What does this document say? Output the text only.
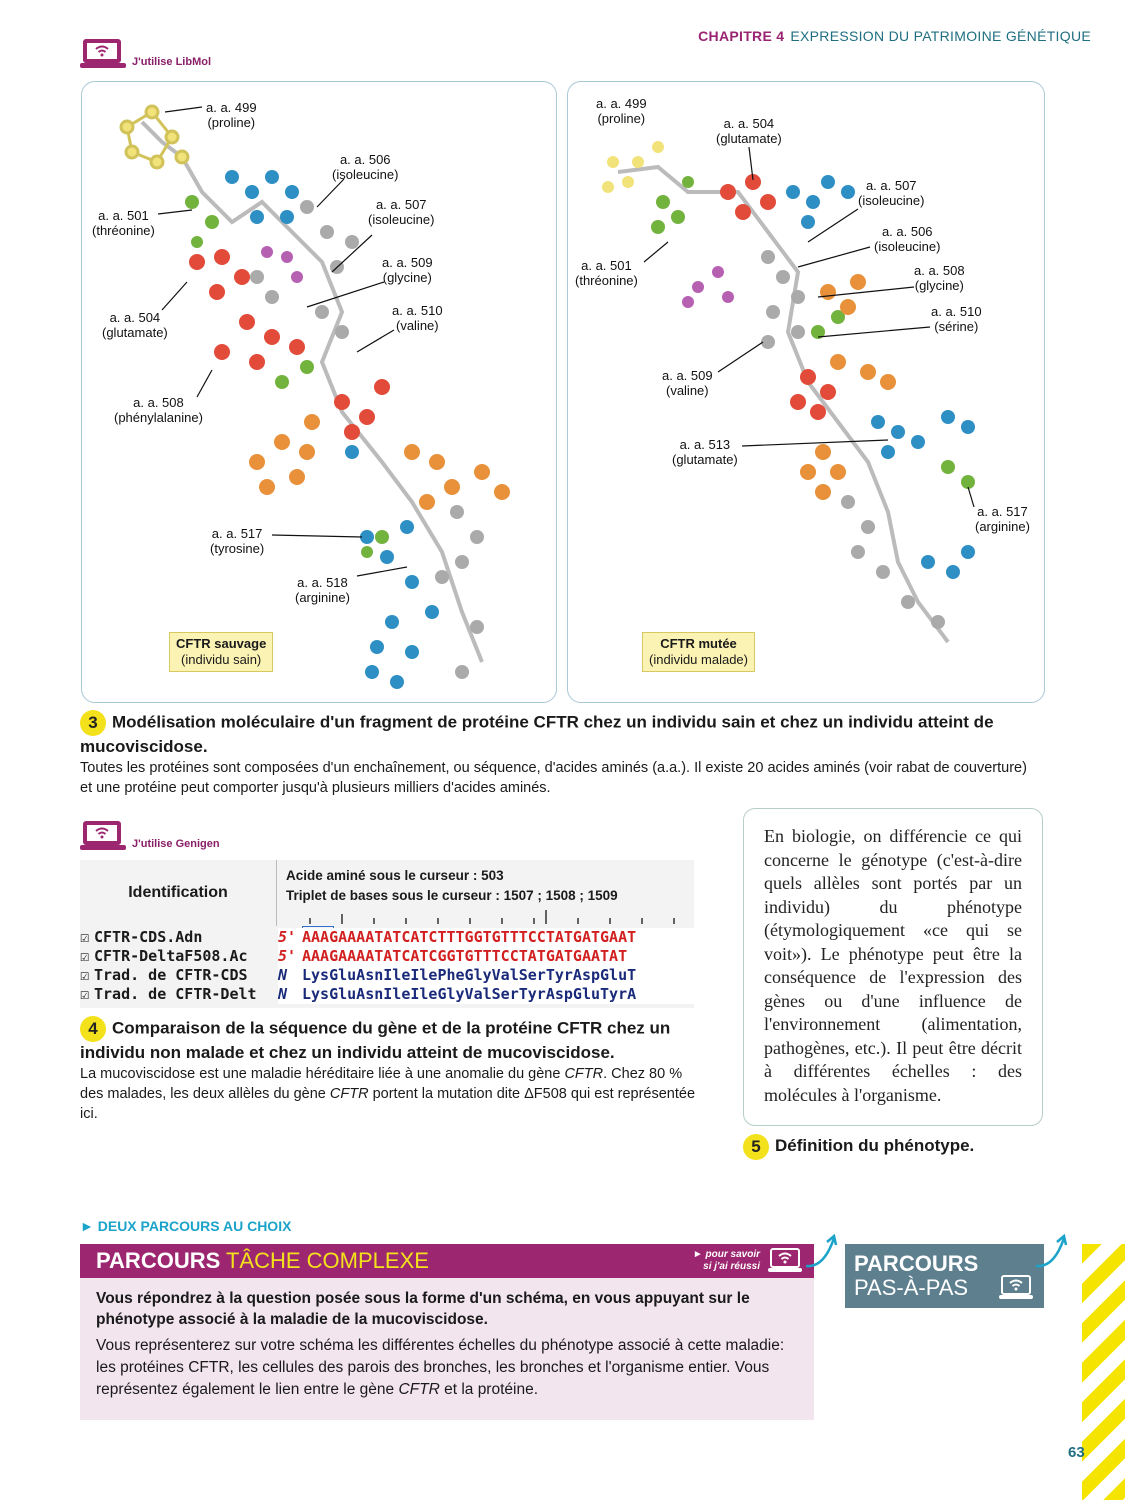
CHAPITRE 4 EXPRESSION DU PATRIMOINE GÉNÉTIQUE
J'utilise LibMol
a. a. 499
(proline)
a. a. 506
(isoleucine)
a. a. 501
(thréonine)
a. a. 507
(isoleucine)
a. a. 509
(glycine)
a. a. 510
(valine)
a. a. 504
(glutamate)
a. a. 508
(phénylalanine)
a. a. 517
(tyrosine)
a. a. 518
(arginine)
CFTR sauvage
(individu sain)
a. a. 499
(proline)	a. a. 504
(glutamate)
a. a. 507
(isoleucine)
a. a. 506
(isoleucine)
a. a. 508
(glycine)
a. a. 501
(thréonine)
a. a. 510
(sérine)
a. a. 509
(valine)
a. a. 513
(glutamate)
a. a. 517
(arginine)
CFTR mutée
(individu malade)
3 Modélisation moléculaire d'un fragment de protéine CFTR chez un individu sain et chez un individu atteint de mucoviscidose.
Toutes les protéines sont composées d'un enchaînement, ou séquence, d'acides aminés (a.a.). Il existe 20 acides aminés (voir rabat de couverture) et une protéine peut comporter jusqu'à plusieurs milliers d'acides aminés.
J'utilise Genigen
Identification
Acide aminé sous le curseur : 503
Triplet de bases sous le curseur : 1507 ; 1508 ; 1509
☑ CFTR-CDS.Adn	5' AAA GAAAATATCATCTTTGGTGTTTCCTATGATGAAT
☑ CFTR-DeltaF508.Ac	5' AAA GAAAATATCATCGGTGTTTCCTATGATGAATAT
☑ Trad. de CFTR-CDS	N Lys GluAsnIleIlePheGlyValSerTyrAspGluT
☑ Trad. de CFTR-Delt	N Lys GluAsnIleIleGlyValSerTyrAspGluTyrA
4 Comparaison de la séquence du gène et de la protéine CFTR chez un individu non malade et chez un individu atteint de mucoviscidose.
La mucoviscidose est une maladie héréditaire liée à une anomalie du gène CFTR. Chez 80 % des malades, les deux allèles du gène CFTR portent la mutation dite ΔF508 qui est représentée ici.
En biologie, on différencie ce qui concerne le génotype (c'est-à-dire quels allèles sont portés par un individu) du phénotype (étymologiquement «ce qui se voit»). Le phénotype peut être la conséquence de l'expression des gènes ou d'une influence de l'environnement (alimentation, pathogènes, etc.). Il peut être décrit à différentes échelles : des molécules à l'organisme.
5 Définition du phénotype.
► DEUX PARCOURS AU CHOIX
PARCOURS TÂCHE COMPLEXE	► pour savoir
si j'ai réussi
Vous répondrez à la question posée sous la forme d'un schéma, en vous appuyant sur le phénotype associé à la maladie de la mucoviscidose.
Vous représenterez sur votre schéma les différentes échelles du phénotype associé à cette maladie: les protéines CFTR, les cellules des parois des bronches, les bronches et l'organisme entier. Vous représentez également le lien entre le gène CFTR et la protéine.
PARCOURS
PAS-À-PAS
63
